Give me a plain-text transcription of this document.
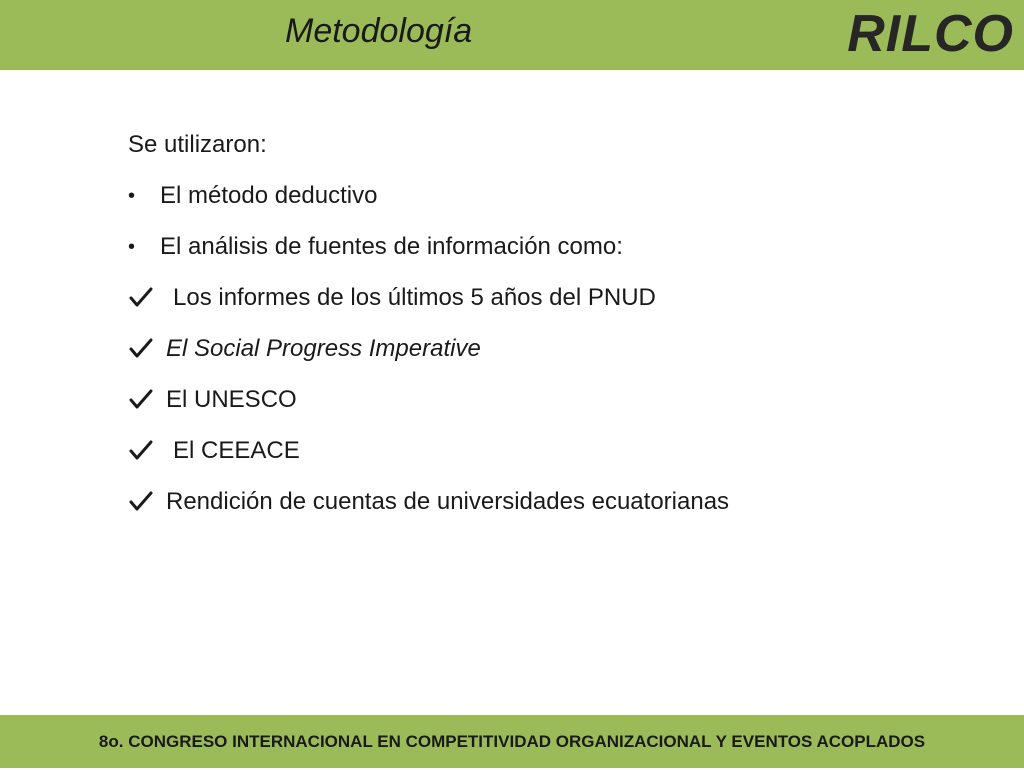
Metodología	RILCO
Se utilizaron:
•	El método deductivo
•	El análisis de fuentes de información como:
Los informes de los últimos 5 años del PNUD
El Social Progress Imperative
El UNESCO
El CEEACE
Rendición de cuentas de universidades ecuatorianas
8o. CONGRESO INTERNACIONAL EN COMPETITIVIDAD ORGANIZACIONAL Y EVENTOS ACOPLADOS
